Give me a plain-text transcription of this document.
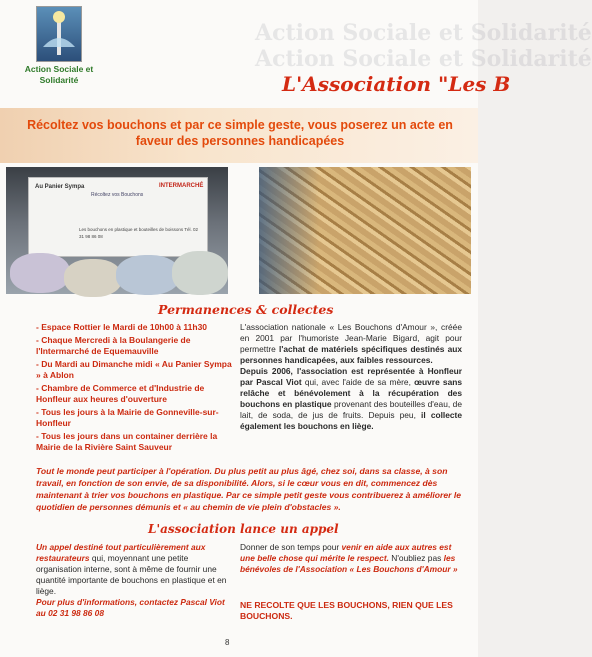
Action Sociale et Solidarité
Action Sociale et Solidarité
Action Sociale et Solidarité	L'Association "Les B
Récoltez vos bouchons et par ce simple geste, vous poserez un acte en faveur des personnes handicapées
Au Panier Sympa
Récoltez vos Bouchons
INTERMARCHÉ
Les bouchons en plastique et bouteilles de boissons Tél. 02 31 98 86 08
Permanences & collectes
- Espace Rottier le Mardi de 10h00 à 11h30
- Chaque Mercredi à la Boulangerie de l'Intermarché de Equemauville
- Du Mardi au Dimanche midi « Au Panier Sympa » à Ablon
- Chambre de Commerce et d'Industrie de Honfleur aux heures d'ouverture
- Tous les jours à la Mairie de Gonneville-sur-Honfleur
- Tous les jours dans un container derrière la Mairie de la Rivière Saint Sauveur
L'association nationale « Les Bouchons d'Amour », créée en 2001 par l'humoriste Jean-Marie Bigard, agit pour permettre l'achat de matériels spécifiques destinés aux personnes handicapées, aux faibles ressources.
Depuis 2006, l'association est représentée à Honfleur par Pascal Viot qui, avec l'aide de sa mère, œuvre sans relâche et bénévolement à la récupération des bouchons en plastique provenant des bouteilles d'eau, de lait, de soda, de jus de fruits. Depuis peu, il collecte également les bouchons en liège.
Tout le monde peut participer à l'opération. Du plus petit au plus âgé, chez soi, dans sa classe, à son travail, en fonction de son envie, de sa disponibilité. Alors, si le cœur vous en dit, commencez dès maintenant à trier vos bouchons en plastique. Par ce simple petit geste vous contribuerez à améliorer le quotidien de personnes démunis et « au chemin de vie plein d'obstacles ».
L'association lance un appel
Un appel destiné tout particulièrement aux restaurateurs qui, moyennant une petite organisation interne, sont à même de fournir une quantité importante de bouchons en plastique et en liège.
Pour plus d'informations, contactez Pascal Viot au 02 31 98 86 08
Donner de son temps pour venir en aide aux autres est une belle chose qui mérite le respect. N'oubliez pas les bénévoles de l'Association « Les Bouchons d'Amour »
NE RECOLTE QUE LES BOUCHONS, RIEN QUE LES BOUCHONS.
8
